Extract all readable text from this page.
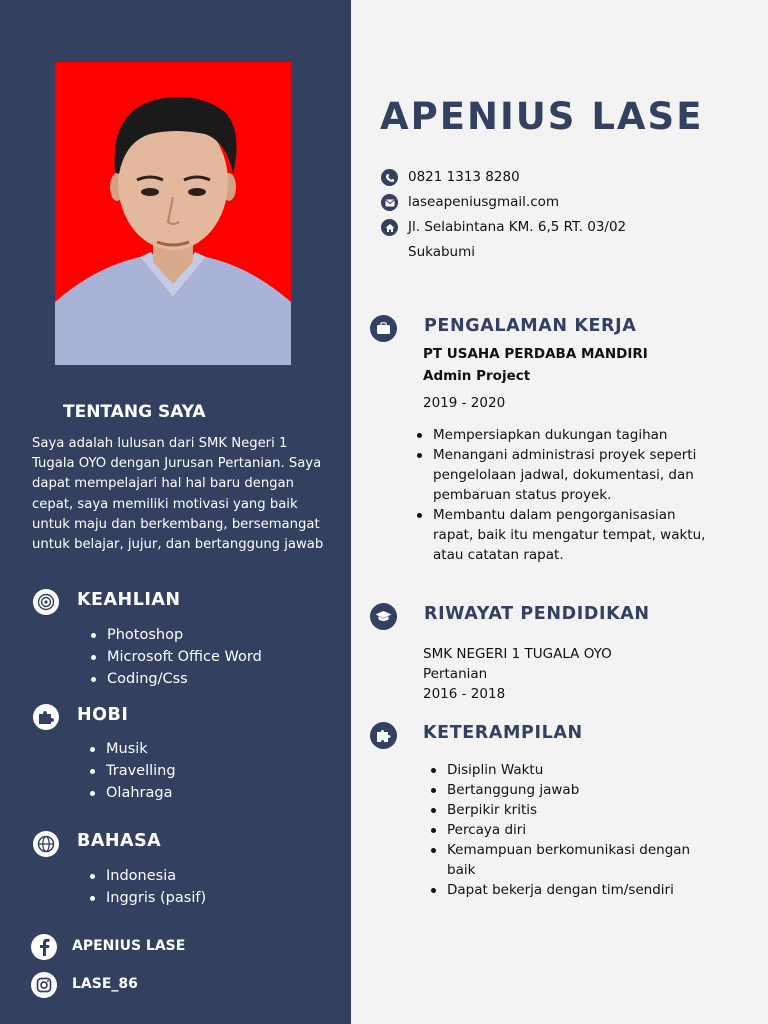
TENTANG SAYA

Saya adalah lulusan dari SMK Negeri 1 Tugala OYO dengan Jurusan Pertanian. Saya dapat mempelajari hal hal baru dengan cepat, saya memiliki motivasi yang baik untuk maju dan berkembang, bersemangat untuk belajar, jujur, dan bertanggung jawab

KEAHLIAN
Photoshop
Microsoft Office Word
Coding/Css
HOBI
Musik
Travelling
Olahraga
BAHASA
Indonesia
Inggris (pasif)
APENIUS LASE
LASE_86
APENIUS LASE
0821 1313 8280
laseapeniusgmail.com
Jl. Selabintana KM. 6,5 RT. 03/02
Sukabumi
PENGALAMAN KERJA
PT USAHA PERDABA MANDIRI
Admin Project
2019 - 2020
Mempersiapkan dukungan tagihan
Menangani administrasi proyek seperti pengelolaan jadwal, dokumentasi, dan pembaruan status proyek.
Membantu dalam pengorganisasian rapat, baik itu mengatur tempat, waktu, atau catatan rapat.
RIWAYAT PENDIDIKAN
SMK NEGERI 1 TUGALA OYO
Pertanian
2016 - 2018
KETERAMPILAN
Disiplin Waktu
Bertanggung jawab
Berpikir kritis
Percaya diri
Kemampuan berkomunikasi dengan baik
Dapat bekerja dengan tim/sendiri
